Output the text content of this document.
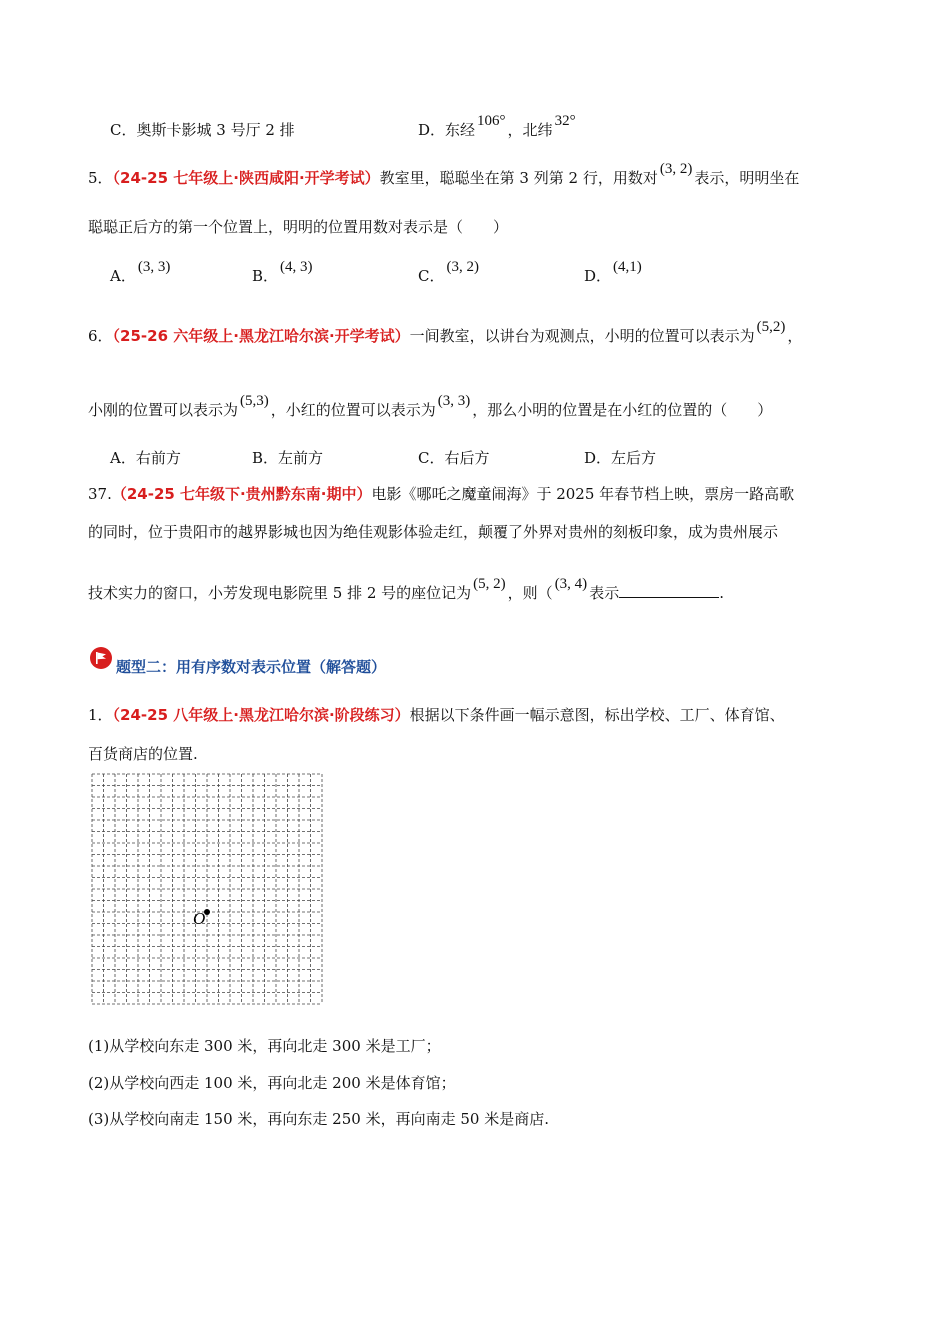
C．奥斯卡影城 3 号厅 2 排	D．东经 106° ，北纬 32°
5．（24-25 七年级上·陕西咸阳·开学考试）教室里，聪聪坐在第 3 列第 2 行，用数对 (3, 2) 表示，明明坐在
聪聪正后方的第一个位置上，明明的位置用数对表示是（　　）
A． (3, 3)	B． (4, 3)	C． (3, 2)	D． (4,1)
6．（25-26 六年级上·黑龙江哈尔滨·开学考试）一间教室，以讲台为观测点，小明的位置可以表示为 (5,2) ，
小刚的位置可以表示为 (5,3) ，小红的位置可以表示为 (3, 3) ，那么小明的位置是在小红的位置的（　　）
A．右前方	B．左前方	C．右后方	D．左后方
37.（24-25 七年级下·贵州黔东南·期中）电影《哪吒之魔童闹海》于 2025 年春节档上映，票房一路高歌
的同时，位于贵阳市的越界影城也因为绝佳观影体验走红，颠覆了外界对贵州的刻板印象，成为贵州展示
技术实力的窗口，小芳发现电影院里 5 排 2 号的座位记为 (5, 2) ，则（ (3, 4) 表示	.
题型二：用有序数对表示位置（解答题）
1．（24-25 八年级上·黑龙江哈尔滨·阶段练习）根据以下条件画一幅示意图，标出学校、工厂、体育馆、
百货商店的位置.
O
(1)从学校向东走 300 米，再向北走 300 米是工厂；
(2)从学校向西走 100 米，再向北走 200 米是体育馆；
(3)从学校向南走 150 米，再向东走 250 米，再向南走 50 米是商店.
